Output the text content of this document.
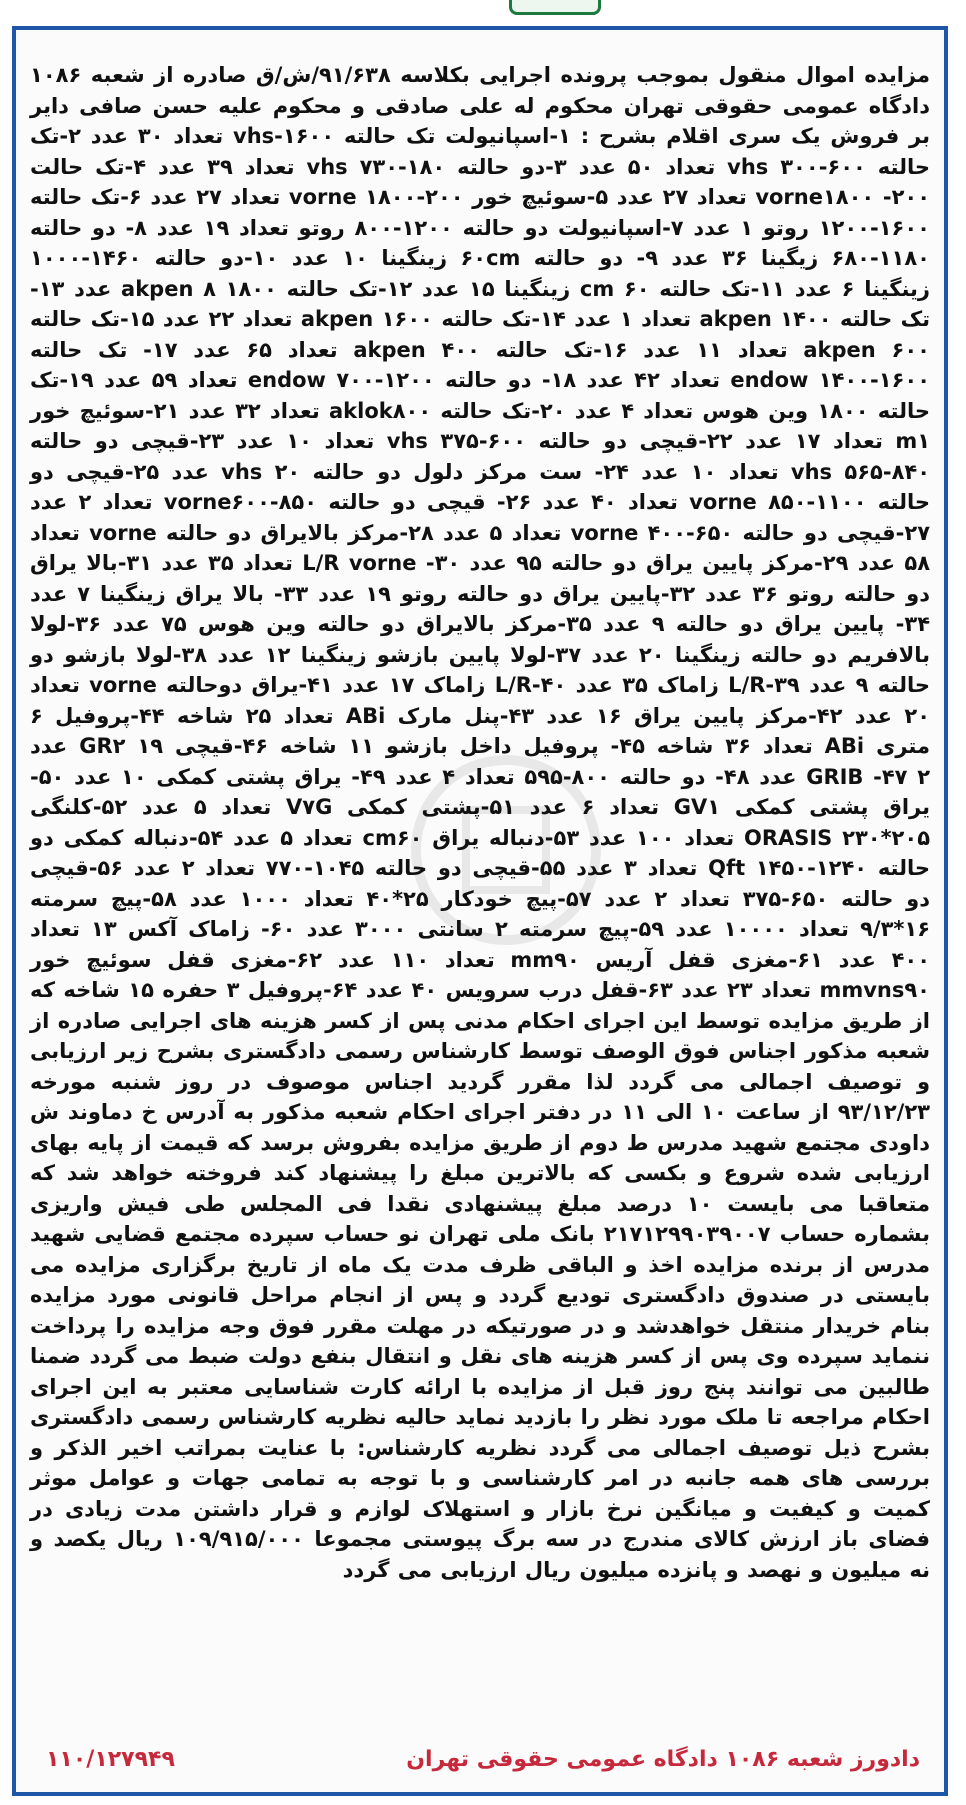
مزایده اموال منقول بموجب پرونده اجرایی بکلاسه ۹۱/۶۳۸/ش/ق صادره از شعبه ۱۰۸۶ دادگاه عمومی حقوقی تهران محکوم له علی صادقی و محکوم علیه حسن صافی دایر بر فروش یک سری اقلام بشرح : ۱-اسپانیولت تک حالته ۱۶۰۰-vhs تعداد ۳۰ عدد ۲-تک حالته ۶۰۰-۳۰۰ vhs تعداد ۵۰ عدد ۳-دو حالته ۱۸۰-۷۳۰ vhs تعداد ۳۹ عدد ۴-تک حالت ۲۰۰- vorne۱۸۰۰ تعداد ۲۷ عدد ۵-سوئیچ خور ۲۰۰-۱۸۰۰ vorne تعداد ۲۷ عدد ۶-تک حالته ۱۶۰۰-۱۲۰۰ روتو ۱ عدد ۷-اسپانیولت دو حالته ۱۲۰۰-۸۰۰ روتو تعداد ۱۹ عدد ۸- دو حالته ۱۱۸۰-۶۸۰ زیگینا ۳۶ عدد ۹- دو حالته ۶۰cm زینگینا ۱۰ عدد ۱۰-دو حالته ۱۴۶۰-۱۰۰۰ زینگینا ۶ عدد ۱۱-تک حالته ۶۰ cm زینگینا ۱۵ عدد ۱۲-تک حالته ۱۸۰۰ akpen ۸ عدد ۱۳-تک حالته ۱۴۰۰ akpen تعداد ۱ عدد ۱۴-تک حالته ۱۶۰۰ akpen تعداد ۲۲ عدد ۱۵-تک حالته ۶۰۰ akpen تعداد ۱۱ عدد ۱۶-تک حالته ۴۰۰ akpen تعداد ۶۵ عدد ۱۷- تک حالته ۱۶۰۰-۱۴۰۰ endow تعداد ۴۲ عدد ۱۸- دو حالته ۱۲۰۰-۷۰۰ endow تعداد ۵۹ عدد ۱۹-تک حالته ۱۸۰۰ وین هوس تعداد ۴ عدد ۲۰-تک حالته aklok۸۰۰ تعداد ۳۲ عدد ۲۱-سوئیچ خور m۱ تعداد ۱۷ عدد ۲۲-قیچی دو حالته ۶۰۰-۳۷۵ vhs تعداد ۱۰ عدد ۲۳-قیچی دو حالته ۸۴۰-۵۶۵ vhs تعداد ۱۰ عدد ۲۴- ست مرکز دلول دو حالته vhs ۲۰ عدد ۲۵-قیچی دو حالته ۱۱۰۰-۸۵۰ vorne تعداد ۴۰ عدد ۲۶- قیچی دو حالته ۸۵۰-vorne۶۰۰ تعداد ۲ عدد ۲۷-قیچی دو حالته ۶۵۰-۴۰۰ vorne تعداد ۵ عدد ۲۸-مرکز بالایراق دو حالته vorne تعداد ۵۸ عدد ۲۹-مرکز پایین یراق دو حالته ۹۵ عدد ۳۰- L/R vorne تعداد ۳۵ عدد ۳۱-بالا یراق دو حالته روتو ۳۶ عدد ۳۲-پایین یراق دو حالته روتو ۱۹ عدد ۳۳- بالا یراق زینگینا ۷ عدد ۳۴- پایین یراق دو حالته ۹ عدد ۳۵-مرکز بالایراق دو حالته وین هوس ۷۵ عدد ۳۶-لولا بالافریم دو حالته زینگینا ۲۰ عدد ۳۷-لولا پایین بازشو زینگینا ۱۲ عدد ۳۸-لولا بازشو دو حالته ۹ عدد ۳۹-L/R زاماک ۳۵ عدد ۴۰-L/R زاماک ۱۷ عدد ۴۱-یراق دوحالته vorne تعداد ۲۰ عدد ۴۲-مرکز پایین یراق ۱۶ عدد ۴۳-پنل مارک ABi تعداد ۲۵ شاخه ۴۴-پروفیل ۶ متری ABi تعداد ۳۶ شاخه ۴۵- پروفیل داخل بازشو ۱۱ شاخه ۴۶-قیچی GR۲ ۱۹ عدد GRIB -۴۷ ۲ عدد ۴۸- دو حالته ۸۰۰-۵۹۵ تعداد ۴ عدد ۴۹- یراق پشتی کمکی ۱۰ عدد ۵۰-یراق پشتی کمکی GV۱ تعداد ۶ عدد ۵۱-پشتی کمکی V۷G تعداد ۵ عدد ۵۲-کلنگی ORASIS ۲۳۰*۲۰۵ تعداد ۱۰۰ عدد ۵۳-دنباله یراق cm۶۰ تعداد ۵ عدد ۵۴-دنباله کمکی دو حالته ۱۲۴۰-۱۴۵۰ Qft تعداد ۳ عدد ۵۵-قیچی دو حالته ۱۰۴۵-۷۷۰ تعداد ۲ عدد ۵۶-قیچی دو حالته ۶۵۰-۳۷۵ تعداد ۲ عدد ۵۷-پیچ خودکار ۲۵*۴۰ تعداد ۱۰۰۰ عدد ۵۸-پیچ سرمته ۱۶*۹/۳ تعداد ۱۰۰۰۰ عدد ۵۹-پیچ سرمته ۲ سانتی ۳۰۰۰ عدد ۶۰- زاماک آکس ۱۳ تعداد ۴۰۰ عدد ۶۱-مغزی قفل آریس mm۹۰ تعداد ۱۱۰ عدد ۶۲-مغزی قفل سوئیچ خور mmvns۹۰ تعداد ۲۳ عدد ۶۳-قفل درب سرویس ۴۰ عدد ۶۴-پروفیل ۳ حفره ۱۵ شاخه که از طریق مزایده توسط این اجرای احکام مدنی پس از کسر هزینه های اجرایی صادره از شعبه مذکور اجناس فوق الوصف توسط کارشناس رسمی دادگستری بشرح زیر ارزیابی و توصیف اجمالی می گردد لذا مقرر گردید اجناس موصوف در روز شنبه مورخه ۹۳/۱۲/۲۳ از ساعت ۱۰ الی ۱۱ در دفتر اجرای احکام شعبه مذکور به آدرس خ دماوند ش داودی مجتمع شهید مدرس ط دوم از طریق مزایده بفروش برسد که قیمت از پایه بهای ارزیابی شده شروع و بکسی که بالاترین مبلغ را پیشنهاد کند فروخته خواهد شد که متعاقبا می بایست ۱۰ درصد مبلغ پیشنهادی نقدا فی المجلس طی فیش واریزی بشماره حساب ۲۱۷۱۲۹۹۰۳۹۰۰۷ بانک ملی تهران نو حساب سپرده مجتمع قضایی شهید مدرس از برنده مزایده اخذ و الباقی ظرف مدت یک ماه از تاریخ برگزاری مزایده می بایستی در صندوق دادگستری تودیع گردد و پس از انجام مراحل قانونی مورد مزایده بنام خریدار منتقل خواهدشد و در صورتیکه در مهلت مقرر فوق وجه مزایده را پرداخت ننماید سپرده وی پس از کسر هزینه های نقل و انتقال بنفع دولت ضبط می گردد ضمنا طالبین می توانند پنج روز قبل از مزایده با ارائه کارت شناسایی معتبر به این اجرای احکام مراجعه تا ملک مورد نظر را بازدید نماید حالیه نظریه کارشناس رسمی دادگستری بشرح ذیل توصیف اجمالی می گردد نظریه کارشناس: با عنایت بمراتب اخیر الذکر و بررسی های همه جانبه در امر کارشناسی و با توجه به تمامی جهات و عوامل موثر کمیت و کیفیت و میانگین نرخ بازار و استهلاک لوازم و قرار داشتن مدت زیادی در فضای باز ارزش کالای مندرج در سه برگ پیوستی مجموعا ۱۰۹/۹۱۵/۰۰۰ ریال یکصد و نه میلیون و نهصد و پانزده میلیون ریال ارزیابی می گردد
دادورز شعبه ۱۰۸۶ دادگاه عمومی حقوقی تهران
۱۱۰/۱۲۷۹۴۹
